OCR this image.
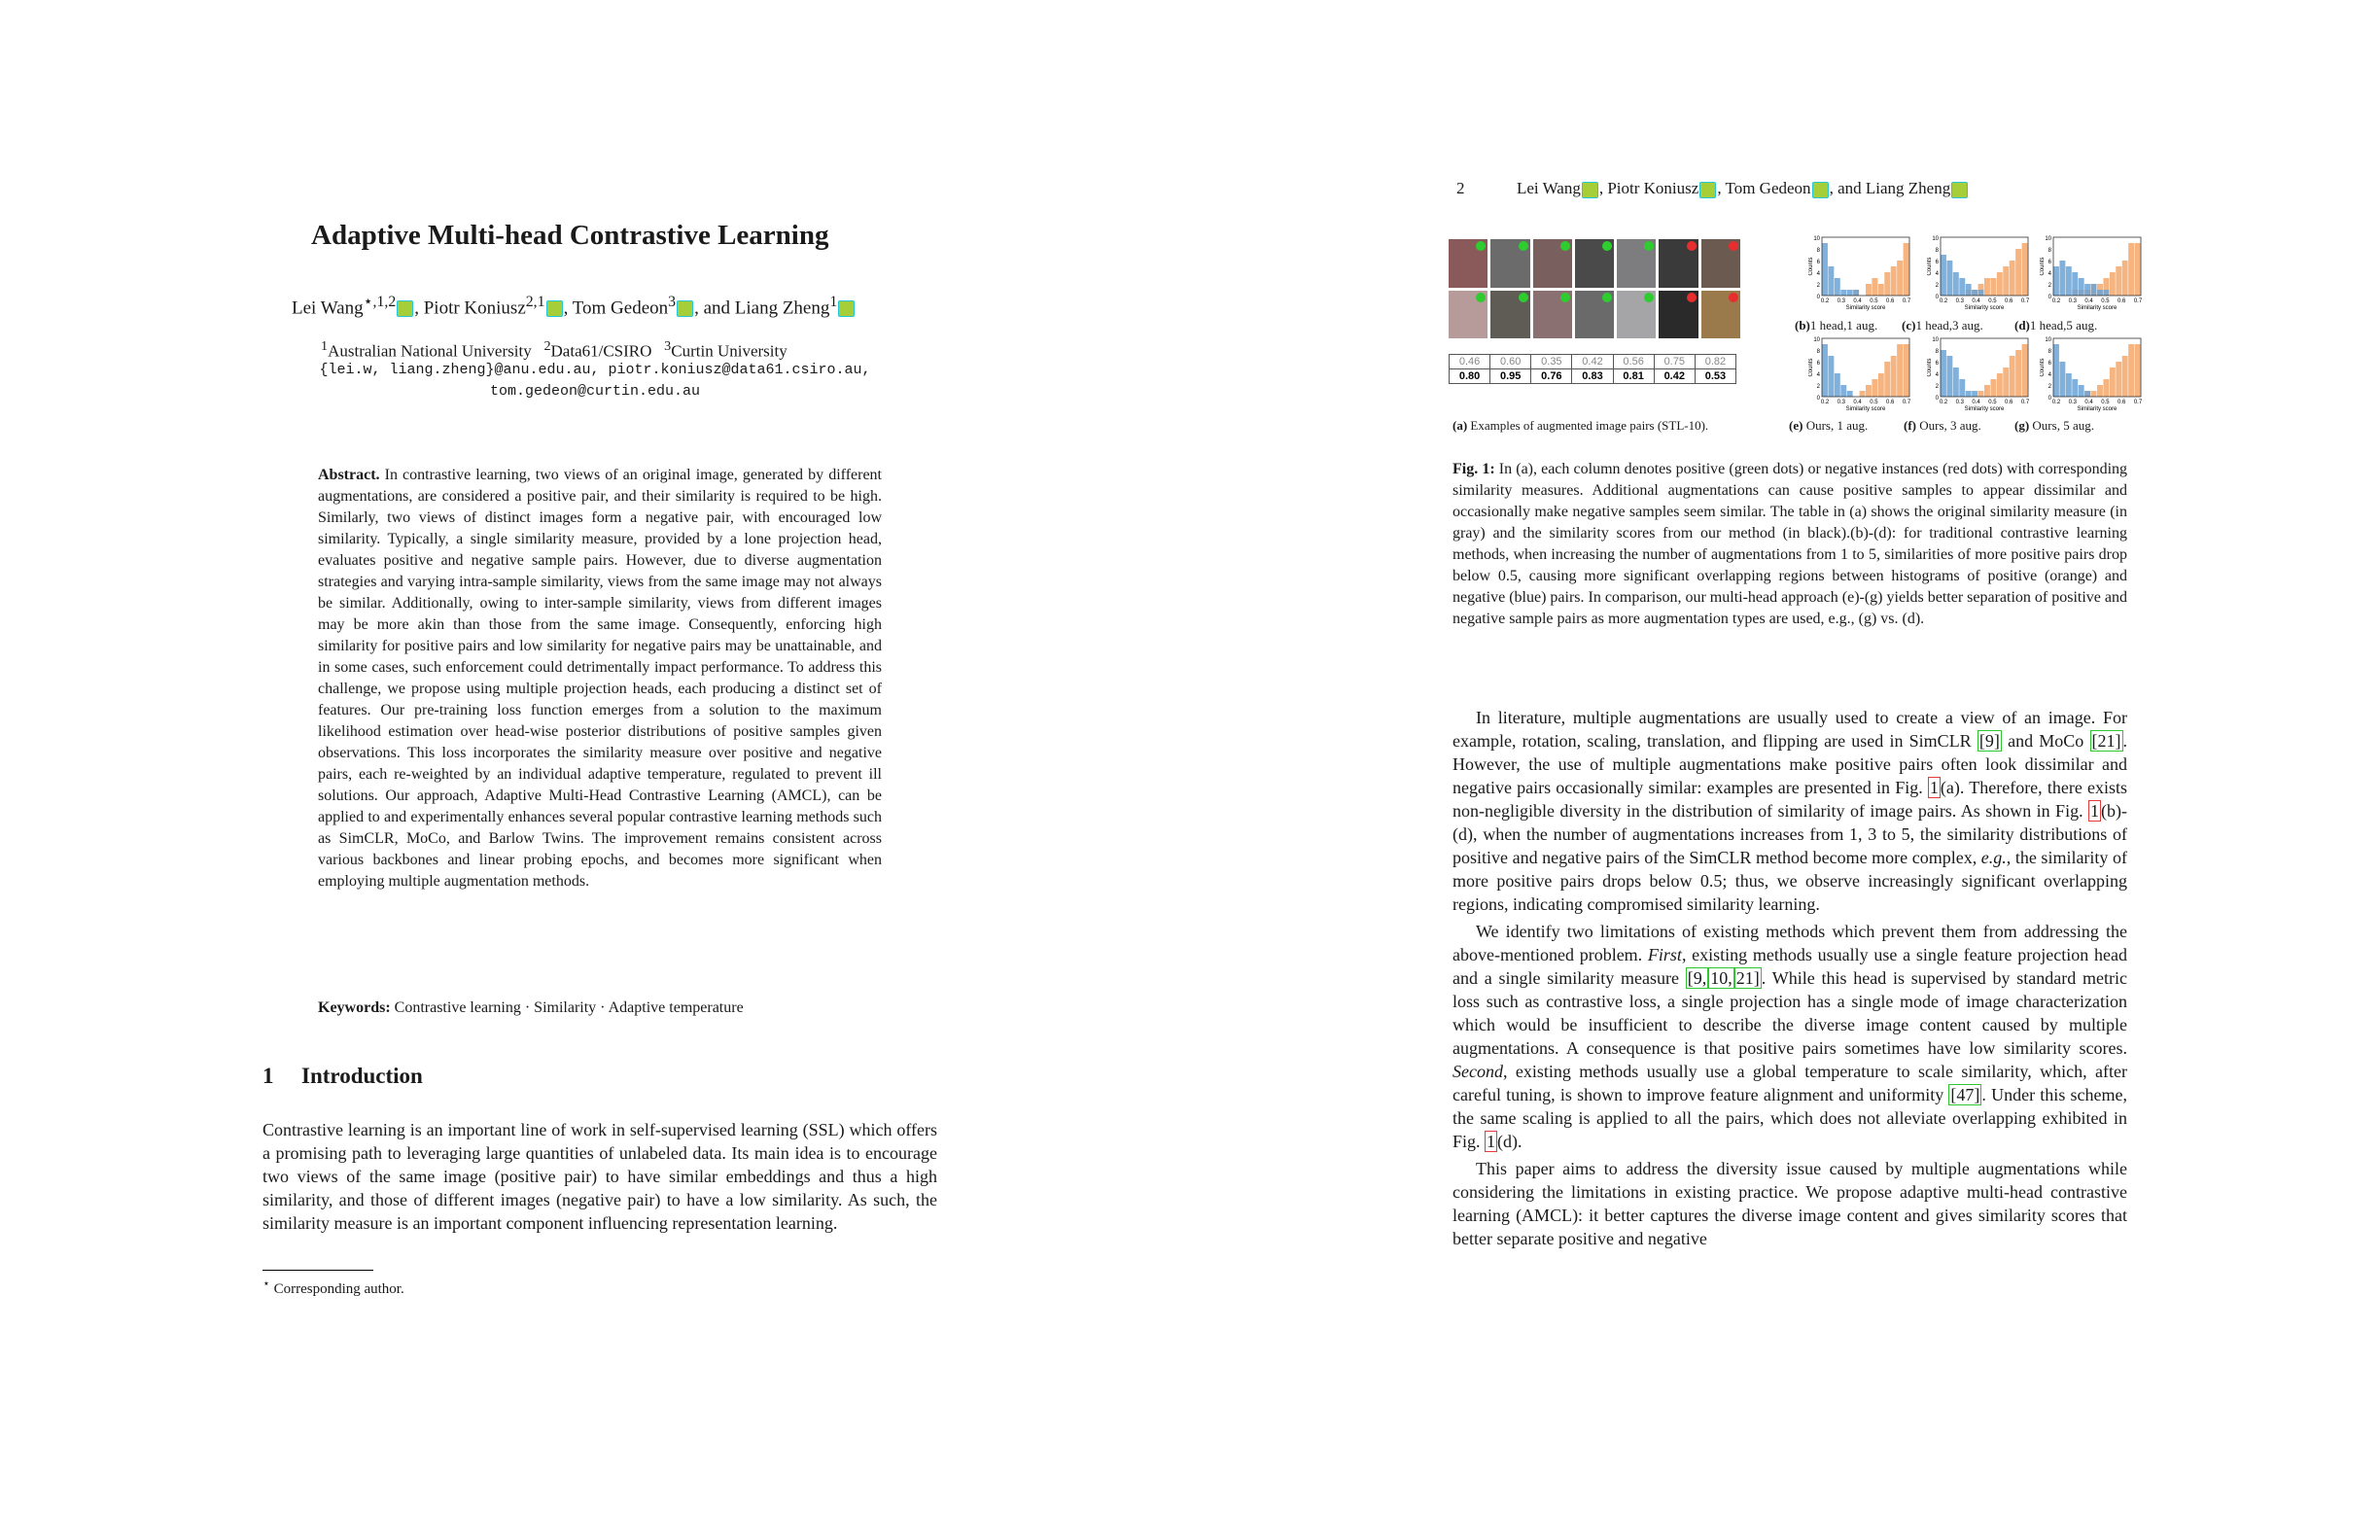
Adaptive Multi-head Contrastive Learning
Lei Wang$^{⋆,1,2}$ , Piotr Koniusz$^{2,1}$ , Tom Gedeon$^3$ , and Liang Zheng$^1$
$^1$Australian National University $^2$Data61/CSIRO $^3$Curtin University
{lei.w, liang.zheng}@anu.edu.au, piotr.koniusz@data61.csiro.au,
tom.gedeon@curtin.edu.au
Abstract. In contrastive learning, two views of an original image, generated by different augmentations, are considered a positive pair, and their similarity is required to be high. Similarly, two views of distinct images form a negative pair, with encouraged low similarity. Typically, a single similarity measure, provided by a lone projection head, evaluates positive and negative sample pairs. However, due to diverse augmentation strategies and varying intra-sample similarity, views from the same image may not always be similar. Additionally, owing to inter-sample similarity, views from different images may be more akin than those from the same image. Consequently, enforcing high similarity for positive pairs and low similarity for negative pairs may be unattainable, and in some cases, such enforcement could detrimentally impact performance. To address this challenge, we propose using multiple projection heads, each producing a distinct set of features. Our pre-training loss function emerges from a solution to the maximum likelihood estimation over head-wise posterior distributions of positive samples given observations. This loss incorporates the similarity measure over positive and negative pairs, each re-weighted by an individual adaptive temperature, regulated to prevent ill solutions. Our approach, Adaptive Multi-Head Contrastive Learning (AMCL), can be applied to and experimentally enhances several popular contrastive learning methods such as SimCLR, MoCo, and Barlow Twins. The improvement remains consistent across various backbones and linear probing epochs, and becomes more significant when employing multiple augmentation methods.
Keywords: Contrastive learning · Similarity · Adaptive temperature
1 Introduction
Contrastive learning is an important line of work in self-supervised learning (SSL) which offers a promising path to leveraging large quantities of unlabeled data. Its main idea is to encourage two views of the same image (positive pair) to have similar embeddings and thus a high similarity, and those of different images (negative pair) to have a low similarity. As such, the similarity measure is an important component influencing representation learning.
⋆ Corresponding author.
2	Lei Wang , Piotr Koniusz , Tom Gedeon , and Liang Zheng
0.46	0.60	0.35	0.42	0.56	0.75	0.82
0.80	0.95	0.76	0.83	0.81	0.42	0.53
10
8
6
4
2
0
0.2 0.3 0.4 0.5 0.6 0.7
Similarity score
Counts
10
8
6
4
2
0
0.2 0.3 0.4 0.5 0.6 0.7
Similarity score
Counts
10
8
6
4
2
0
0.2 0.3 0.4 0.5 0.6 0.7
Similarity score
Counts
10
8
6
4
2
0
0.2 0.3 0.4 0.5 0.6 0.7
Similarity score
Counts
10
8
6
4
2
0
0.2 0.3 0.4 0.5 0.6 0.7
Similarity score
Counts
10
8
6
4
2
0
0.2 0.3 0.4 0.5 0.6 0.7
Similarity score
Counts
(b)1 head,1 aug. (c)1 head,3 aug. (d)1 head,5 aug.
(a) Examples of augmented image pairs (STL-10).	(e) Ours, 1 aug.	(f) Ours, 3 aug.	(g) Ours, 5 aug.
Fig. 1: In (a), each column denotes positive (green dots) or negative instances (red dots) with corresponding similarity measures. Additional augmentations can cause positive samples to appear dissimilar and occasionally make negative samples seem similar. The table in (a) shows the original similarity measure (in gray) and the similarity scores from our method (in black).(b)-(d): for traditional contrastive learning methods, when increasing the number of augmentations from 1 to 5, similarities of more positive pairs drop below 0.5, causing more significant overlapping regions between histograms of positive (orange) and negative (blue) pairs. In comparison, our multi-head approach (e)-(g) yields better separation of positive and negative sample pairs as more augmentation types are used, e.g., (g) vs. (d).

In literature, multiple augmentations are usually used to create a view of an image. For example, rotation, scaling, translation, and flipping are used in SimCLR [9] and MoCo [21] . However, the use of multiple augmentations make positive pairs often look dissimilar and negative pairs occasionally similar: examples are presented in Fig. 1 (a). Therefore, there exists non-negligible diversity in the distribution of similarity of image pairs. As shown in Fig. 1 (b)-(d), when the number of augmentations increases from 1, 3 to 5, the similarity distributions of positive and negative pairs of the SimCLR method become more complex, e.g., the similarity of more positive pairs drops below 0.5; thus, we observe increasingly significant overlapping regions, indicating compromised similarity learning.

We identify two limitations of existing methods which prevent them from addressing the above-mentioned problem. First, existing methods usually use a single feature projection head and a single similarity measure [9, 10, 21] . While this head is supervised by standard metric loss such as contrastive loss, a single projection has a single mode of image characterization which would be insufficient to describe the diverse image content caused by multiple augmentations. A consequence is that positive pairs sometimes have low similarity scores. Second, existing methods usually use a global temperature to scale similarity, which, after careful tuning, is shown to improve feature alignment and uniformity [47] . Under this scheme, the same scaling is applied to all the pairs, which does not alleviate overlapping exhibited in Fig. 1 (d).

This paper aims to address the diversity issue caused by multiple augmentations while considering the limitations in existing practice. We propose adaptive multi-head contrastive learning (AMCL): it better captures the diverse image content and gives similarity scores that better separate positive and negative
